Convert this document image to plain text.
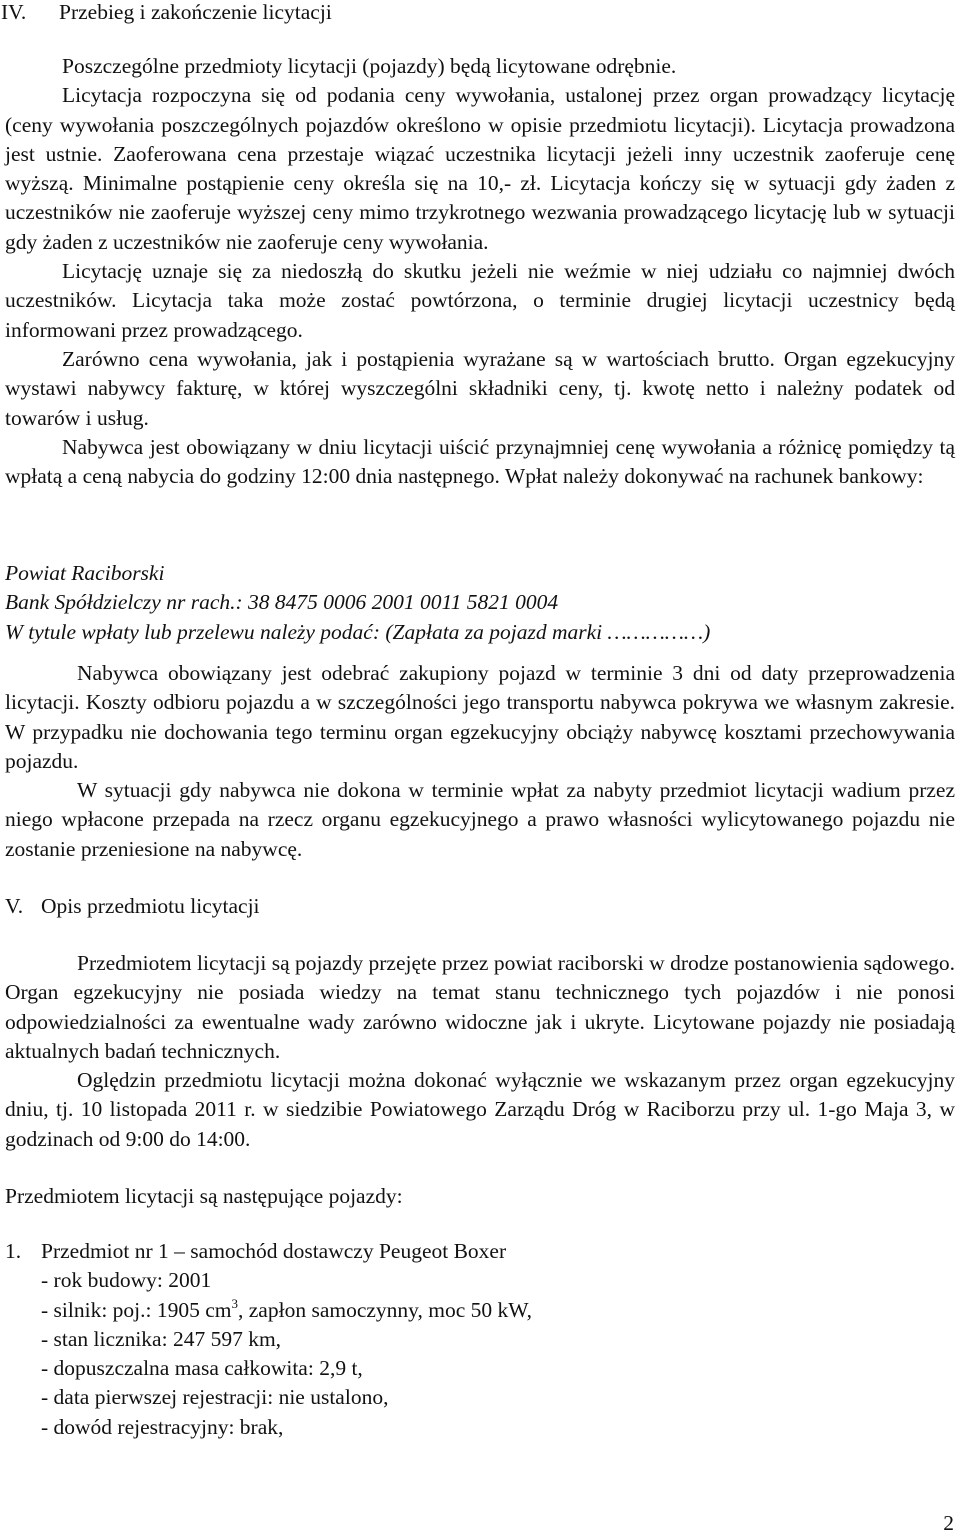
IV. Przebieg i zakończenie licytacji

Poszczególne przedmioty licytacji (pojazdy) będą licytowane odrębnie.

Licytacja rozpoczyna się od podania ceny wywołania, ustalonej przez organ prowadzący licytację (ceny wywołania poszczególnych pojazdów określono w opisie przedmiotu licytacji). Licytacja prowadzona jest ustnie. Zaoferowana cena przestaje wiązać uczestnika licytacji jeżeli inny uczestnik zaoferuje cenę wyższą. Minimalne postąpienie ceny określa się na 10,- zł. Licytacja kończy się w sytuacji gdy żaden z uczestników nie zaoferuje wyższej ceny mimo trzykrotnego wezwania prowadzącego licytację lub w sytuacji gdy żaden z uczestników nie zaoferuje ceny wywołania.

Licytację uznaje się za niedoszłą do skutku jeżeli nie weźmie w niej udziału co najmniej dwóch uczestników. Licytacja taka może zostać powtórzona, o terminie drugiej licytacji uczestnicy będą informowani przez prowadzącego.

Zarówno cena wywołania, jak i postąpienia wyrażane są w wartościach brutto. Organ egzekucyjny wystawi nabywcy fakturę, w której wyszczególni składniki ceny, tj. kwotę netto i należny podatek od towarów i usług.

Nabywca jest obowiązany w dniu licytacji uiścić przynajmniej cenę wywołania a różnicę pomiędzy tą wpłatą a ceną nabycia do godziny 12:00 dnia następnego. Wpłat należy dokonywać na rachunek bankowy:

Powiat Raciborski

Bank Spółdzielczy nr rach.: 38 8475 0006 2001 0011 5821 0004

W tytule wpłaty lub przelewu należy podać: (Zapłata za pojazd marki ……………)

Nabywca obowiązany jest odebrać zakupiony pojazd w terminie 3 dni od daty przeprowadzenia licytacji. Koszty odbioru pojazdu a w szczególności jego transportu nabywca pokrywa we własnym zakresie. W przypadku nie dochowania tego terminu organ egzekucyjny obciąży nabywcę kosztami przechowywania pojazdu.

W sytuacji gdy nabywca nie dokona w terminie wpłat za nabyty przedmiot licytacji wadium przez niego wpłacone przepada na rzecz organu egzekucyjnego a prawo własności wylicytowanego pojazdu nie zostanie przeniesione na nabywcę.

V. Opis przedmiotu licytacji

Przedmiotem licytacji są pojazdy przejęte przez powiat raciborski w drodze postanowienia sądowego. Organ egzekucyjny nie posiada wiedzy na temat stanu technicznego tych pojazdów i nie ponosi odpowiedzialności za ewentualne wady zarówno widoczne jak i ukryte. Licytowane pojazdy nie posiadają aktualnych badań technicznych.

Oględzin przedmiotu licytacji można dokonać wyłącznie we wskazanym przez organ egzekucyjny dniu, tj. 10 listopada 2011 r. w siedzibie Powiatowego Zarządu Dróg w Raciborzu przy ul. 1-go Maja 3, w godzinach od 9:00 do 14:00.

Przedmiotem licytacji są następujące pojazdy:

1. Przedmiot nr 1 – samochód dostawczy Peugeot Boxer

- rok budowy: 2001

- silnik: poj.: 1905 $cm^3$, zapłon samoczynny, moc 50 kW,

- stan licznika: 247 597 km,

- dopuszczalna masa całkowita: 2,9 t,

- data pierwszej rejestracji: nie ustalono,

- dowód rejestracyjny: brak,

2
